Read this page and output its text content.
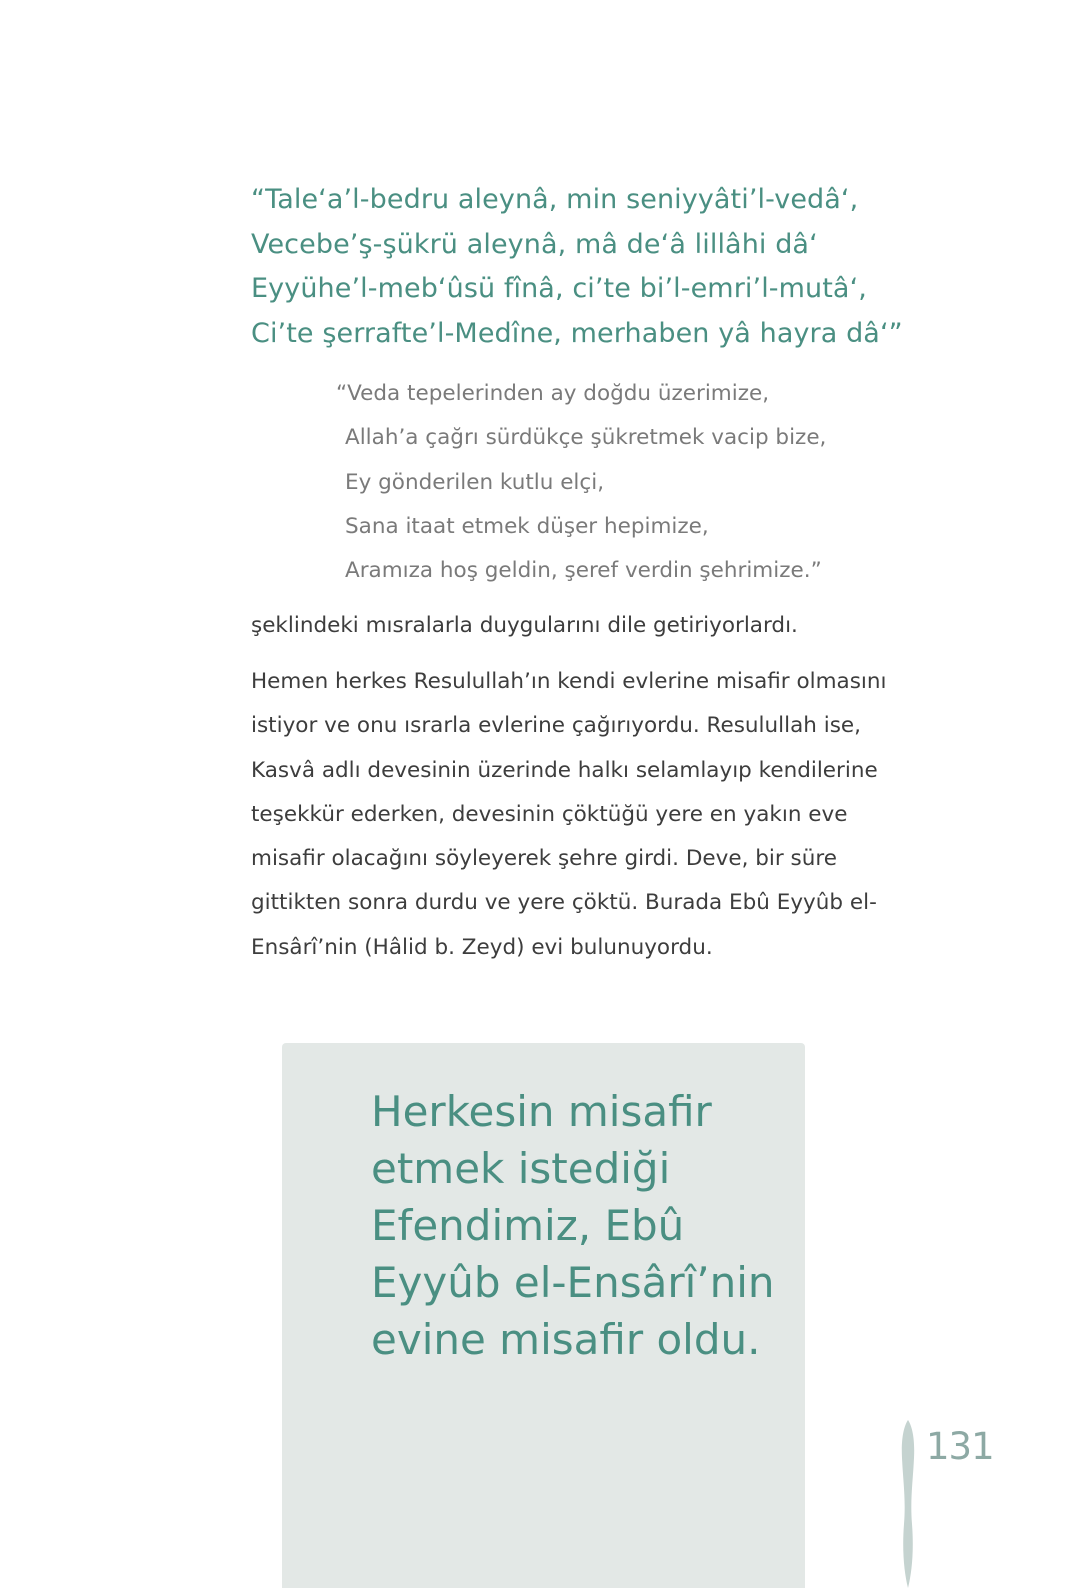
“Tale‘a’l-bedru aleynâ, min seniyyâti’l-vedâ‘,
Vecebe’ş-şükrü aleynâ, mâ de‘â lillâhi dâ‘
Eyyühe’l-meb‘ûsü fînâ, ci’te bi’l-emri’l-mutâ‘,
Ci’te şerrafte’l-Medîne, merhaben yâ hayra dâ‘”
“Veda tepelerinden ay doğdu üzerimize,
Allah’a çağrı sürdükçe şükretmek vacip bize,
Ey gönderilen kutlu elçi,
Sana itaat etmek düşer hepimize,
Aramıza hoş geldin, şeref verdin şehrimize.”

şeklindeki mısralarla duygularını dile getiriyorlardı.

Hemen herkes Resulullah’ın kendi evlerine misafir olmasını istiyor ve onu ısrarla evlerine çağırıyordu. Resulullah ise, Kasvâ adlı devesinin üzerinde halkı selamlayıp kendilerine teşekkür ederken, devesinin çöktüğü yere en yakın eve misafir olacağını söyleyerek şehre girdi. Deve, bir süre gittikten sonra durdu ve yere çöktü. Burada Ebû Eyyûb el-Ensârî’nin (Hâlid b. Zeyd) evi bulunuyordu.

Herkesin misafir etmek istediği Efendimiz, Ebû Eyyûb el-Ensârî’nin evine misafir oldu.

131
